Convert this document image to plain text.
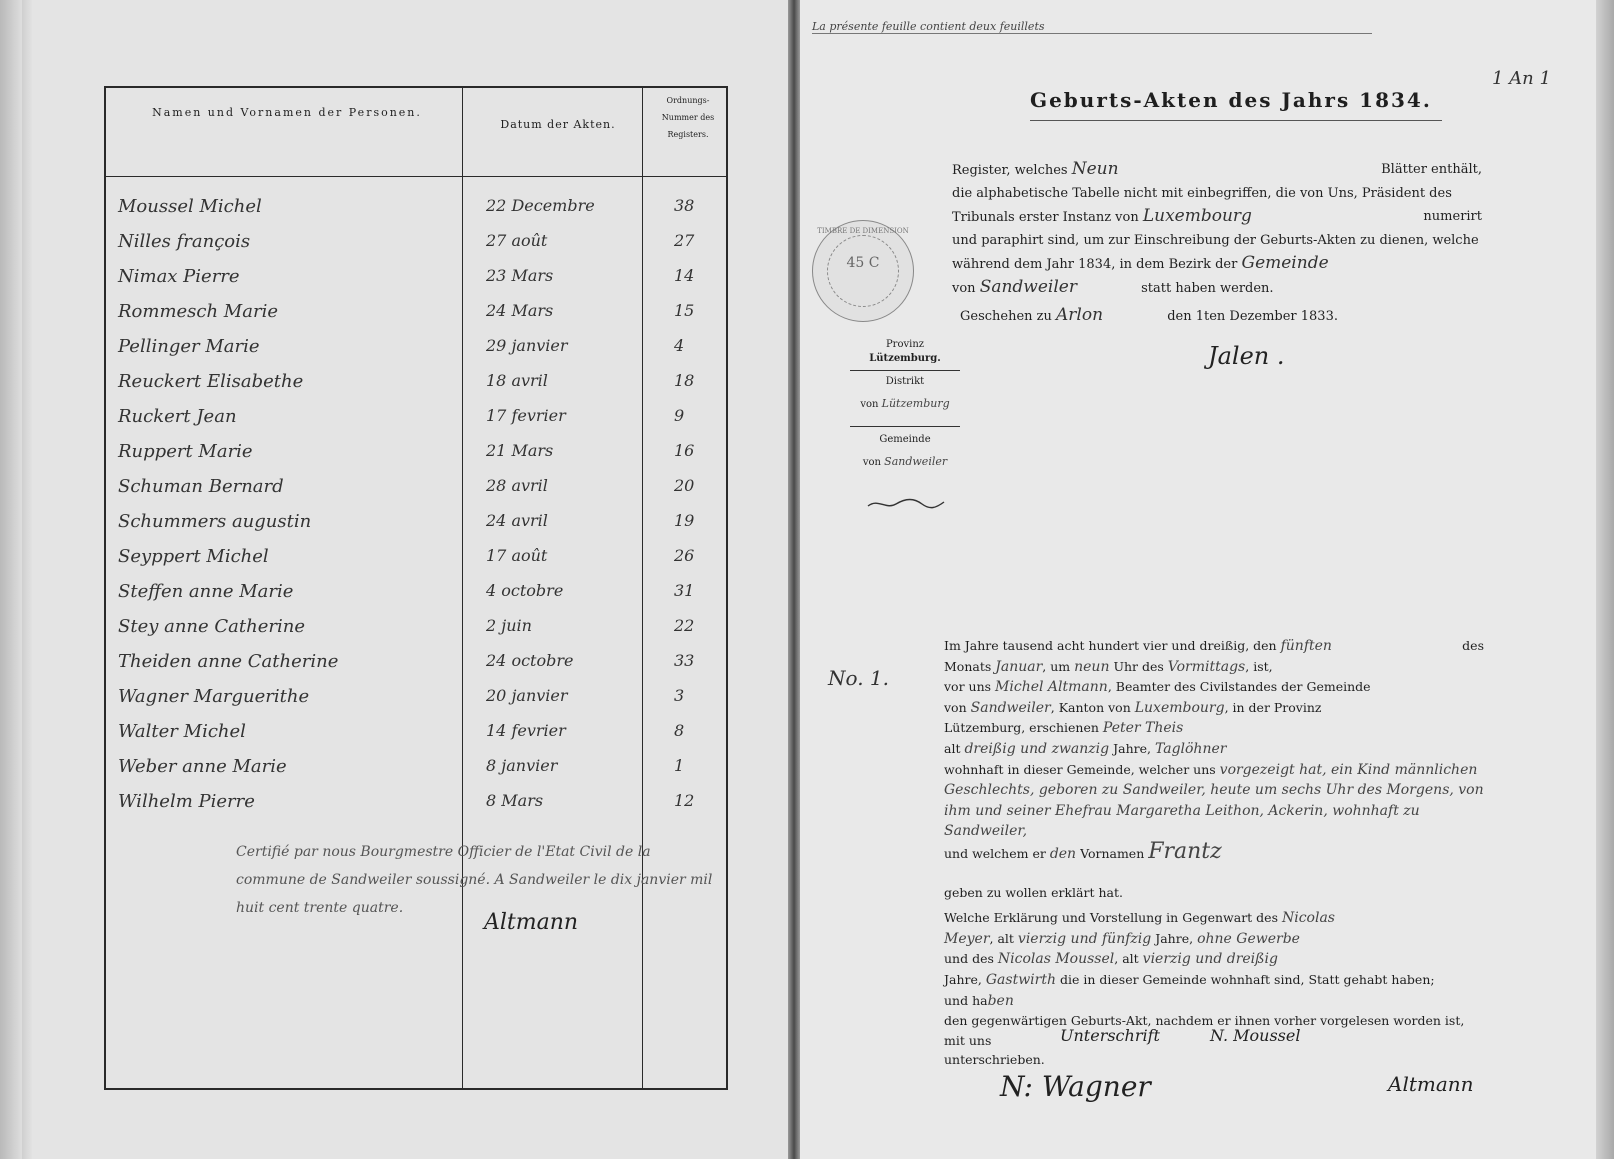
Namen und Vornamen der Personen.
Datum der Akten.
Ordnungs-Nummer des Registers.
Moussel Michel	22 Decembre	38
Nilles françois	27 août	27
Nimax Pierre	23 Mars	14
Rommesch Marie	24 Mars	15
Pellinger Marie	29 janvier	4
Reuckert Elisabethe	18 avril	18
Ruckert Jean	17 fevrier	9
Ruppert Marie	21 Mars	16
Schuman Bernard	28 avril	20
Schummers augustin	24 avril	19
Seyppert Michel	17 août	26
Steffen anne Marie	4 octobre	31
Stey anne Catherine	2 juin	22
Theiden anne Catherine	24 octobre	33
Wagner Marguerithe	20 janvier	3
Walter Michel	14 fevrier	8
Weber anne Marie	8 janvier	1
Wilhelm Pierre	8 Mars	12
Certifié par nous Bourgmestre Officier de l'Etat Civil de la commune de Sandweiler soussigné. A Sandweiler le dix janvier mil huit cent trente quatre.
Altmann
La présente feuille contient deux feuillets
1 An 1
Geburts-Akten des Jahrs 1834.
TIMBRE DE DIMENSION
45 C
Register, welches Neun	Blätter enthält,
die alphabetische Tabelle nicht mit einbegriffen, die von Uns, Präsident des
Tribunals erster Instanz von Luxembourg	numerirt
und paraphirt sind, um zur Einschreibung der Geburts-Akten zu dienen, welche
während dem Jahr 1834, in dem Bezirk der Gemeinde
von Sandweiler	statt haben werden.
Geschehen zu Arlon	den 1ten Dezember 1833.
Jalen .
Provinz
Lützemburg.
Distrikt
von Lützemburg
Gemeinde
von Sandweiler
No. 1.

Im Jahre tausend acht hundert vier und dreißig, den fünften	des

Monats Januar, um neun Uhr des Vormittags, ist,

vor uns Michel Altmann, Beamter des Civilstandes der Gemeinde

von Sandweiler, Kanton von Luxembourg, in der Provinz

Lützemburg, erschienen Peter Theis

alt dreißig und zwanzig Jahre, Taglöhner

wohnhaft in dieser Gemeinde, welcher uns vorgezeigt hat, ein Kind männlichen Geschlechts, geboren zu Sandweiler, heute um sechs Uhr des Morgens, von ihm und seiner Ehefrau Margaretha Leithon, Ackerin, wohnhaft zu Sandweiler,

und welchem er den Vornamen Frantz

geben zu wollen erklärt hat.

Welche Erklärung und Vorstellung in Gegenwart des Nicolas

Meyer, alt vierzig und fünfzig Jahre, ohne Gewerbe

und des Nicolas Moussel, alt vierzig und dreißig

Jahre, Gastwirth die in dieser Gemeinde wohnhaft sind, Statt gehabt haben;

und haben

den gegenwärtigen Geburts-Akt, nachdem er ihnen vorher vorgelesen worden ist, mit uns

unterschrieben.

Unterschrift	N. Moussel
N: Wagner	Altmann
